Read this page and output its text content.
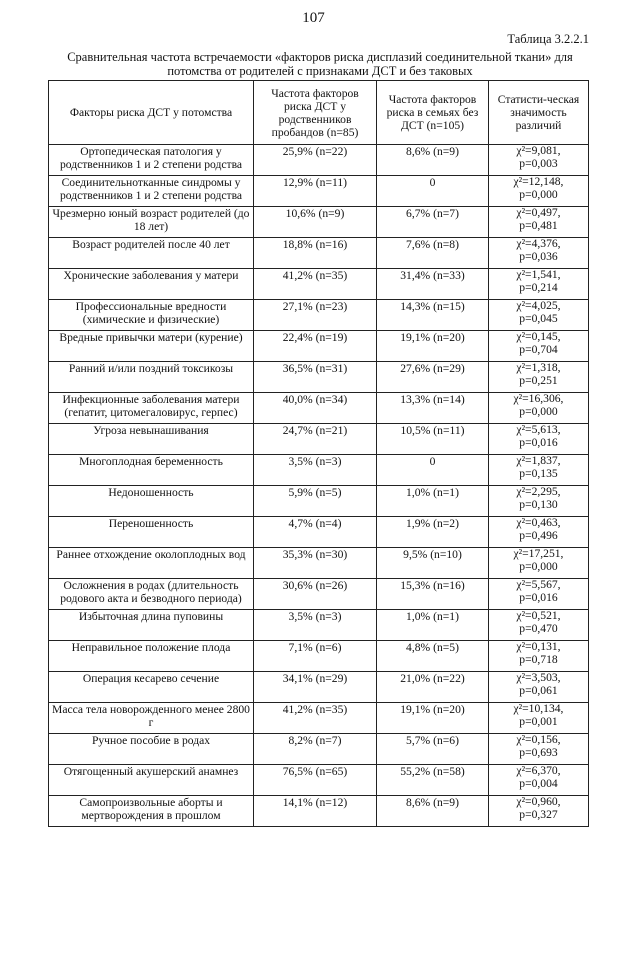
107
Таблица 3.2.2.1
Сравнительная частота встречаемости «факторов риска дисплазий соединительной ткани» для потомства от родителей с признаками ДСТ и без таковых
Факторы риска ДСТ у потомства	Частота факторов риска ДСТ у родственников пробандов (n=85)	Частота факторов риска в семьях без ДСТ (n=105)	Статисти-ческая значимость различий
Ортопедическая патология у родственников 1 и 2 степени родства	25,9% (n=22)	8,6% (n=9)	χ²=9,081,
p=0,003

Соединительнотканные синдромы у родственников 1 и 2 степени родства	12,9% (n=11)	0	χ²=12,148,
p=0,000

Чрезмерно юный возраст родителей (до 18 лет)	10,6% (n=9)	6,7% (n=7)	χ²=0,497,
p=0,481

Возраст родителей после 40 лет	18,8% (n=16)	7,6% (n=8)	χ²=4,376,
p=0,036

Хронические заболевания у матери	41,2% (n=35)	31,4% (n=33)	χ²=1,541,
p=0,214

Профессиональные вредности (химические и физические)	27,1% (n=23)	14,3% (n=15)	χ²=4,025,
p=0,045

Вредные привычки матери (курение)	22,4% (n=19)	19,1% (n=20)	χ²=0,145,
p=0,704

Ранний и/или поздний токсикозы	36,5% (n=31)	27,6% (n=29)	χ²=1,318,
p=0,251

Инфекционные заболевания матери (гепатит, цитомегаловирус, герпес)	40,0% (n=34)	13,3% (n=14)	χ²=16,306,
p=0,000

Угроза невынашивания	24,7% (n=21)	10,5% (n=11)	χ²=5,613,
p=0,016

Многоплодная беременность	3,5% (n=3)	0	χ²=1,837,
p=0,135

Недоношенность	5,9% (n=5)	1,0% (n=1)	χ²=2,295,
p=0,130

Переношенность	4,7% (n=4)	1,9% (n=2)	χ²=0,463,
p=0,496

Раннее отхождение околоплодных вод	35,3% (n=30)	9,5% (n=10)	χ²=17,251,
p=0,000

Осложнения в родах (длительность родового акта и безводного периода)	30,6% (n=26)	15,3% (n=16)	χ²=5,567,
p=0,016

Избыточная длина пуповины	3,5% (n=3)	1,0% (n=1)	χ²=0,521,
p=0,470

Неправильное положение плода	7,1% (n=6)	4,8% (n=5)	χ²=0,131,
p=0,718

Операция кесарево сечение	34,1% (n=29)	21,0% (n=22)	χ²=3,503,
p=0,061

Масса тела новорожденного менее 2800 г	41,2% (n=35)	19,1% (n=20)	χ²=10,134,
p=0,001

Ручное пособие в родах	8,2% (n=7)	5,7% (n=6)	χ²=0,156,
p=0,693

Отягощенный акушерский анамнез	76,5% (n=65)	55,2% (n=58)	χ²=6,370,
p=0,004

Самопроизвольные аборты и мертворождения в прошлом	14,1% (n=12)	8,6% (n=9)	χ²=0,960,
p=0,327
